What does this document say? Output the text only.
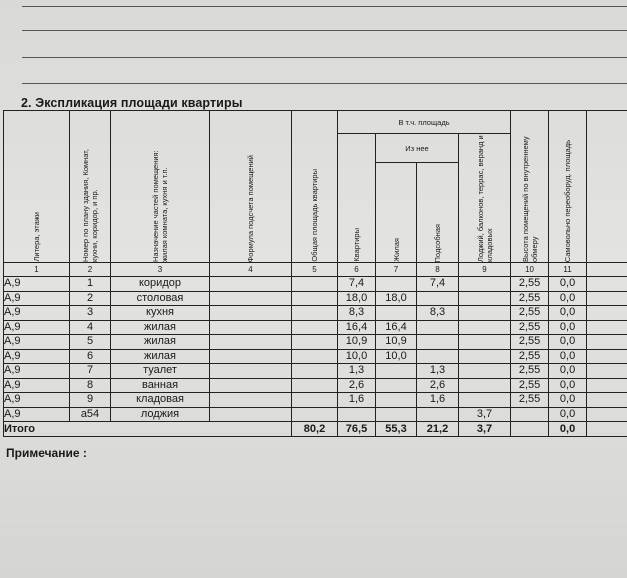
2. Экспликация площади квартиры
Литера, этажи	Номер по плану здания, Комнат, кухни, коридор, и пр.	Назначение частей помещения: жилая комната, кухня и т.п.	Формула подсчета помещений	Общая площадь квартиры	В т.ч. площадь				Высота помещений по внутреннему обмеру	Самовольно переоборуд. площадь	

					Квартиры	Из нее		Лоджий, балконов, террас, веранд и кладовых			

						Жилая	Подсобная				

1	2	3	4	5	6	7	8	9	10	11	
А,9	1	коридор			7,4		7,4		2,55	0,0	
А,9	2	столовая			18,0	18,0			2,55	0,0	
А,9	3	кухня			8,3		8,3		2,55	0,0	
А,9	4	жилая			16,4	16,4			2,55	0,0	
А,9	5	жилая			10,9	10,9			2,55	0,0	
А,9	6	жилая			10,0	10,0			2,55	0,0	
А,9	7	туалет			1,3		1,3		2,55	0,0	
А,9	8	ванная			2,6		2,6		2,55	0,0	
А,9	9	кладовая			1,6		1,6		2,55	0,0	
А,9	а54	лоджия						3,7		0,0	
Итого				80,2	76,5	55,3	21,2	3,7		0,0	
Примечание :
